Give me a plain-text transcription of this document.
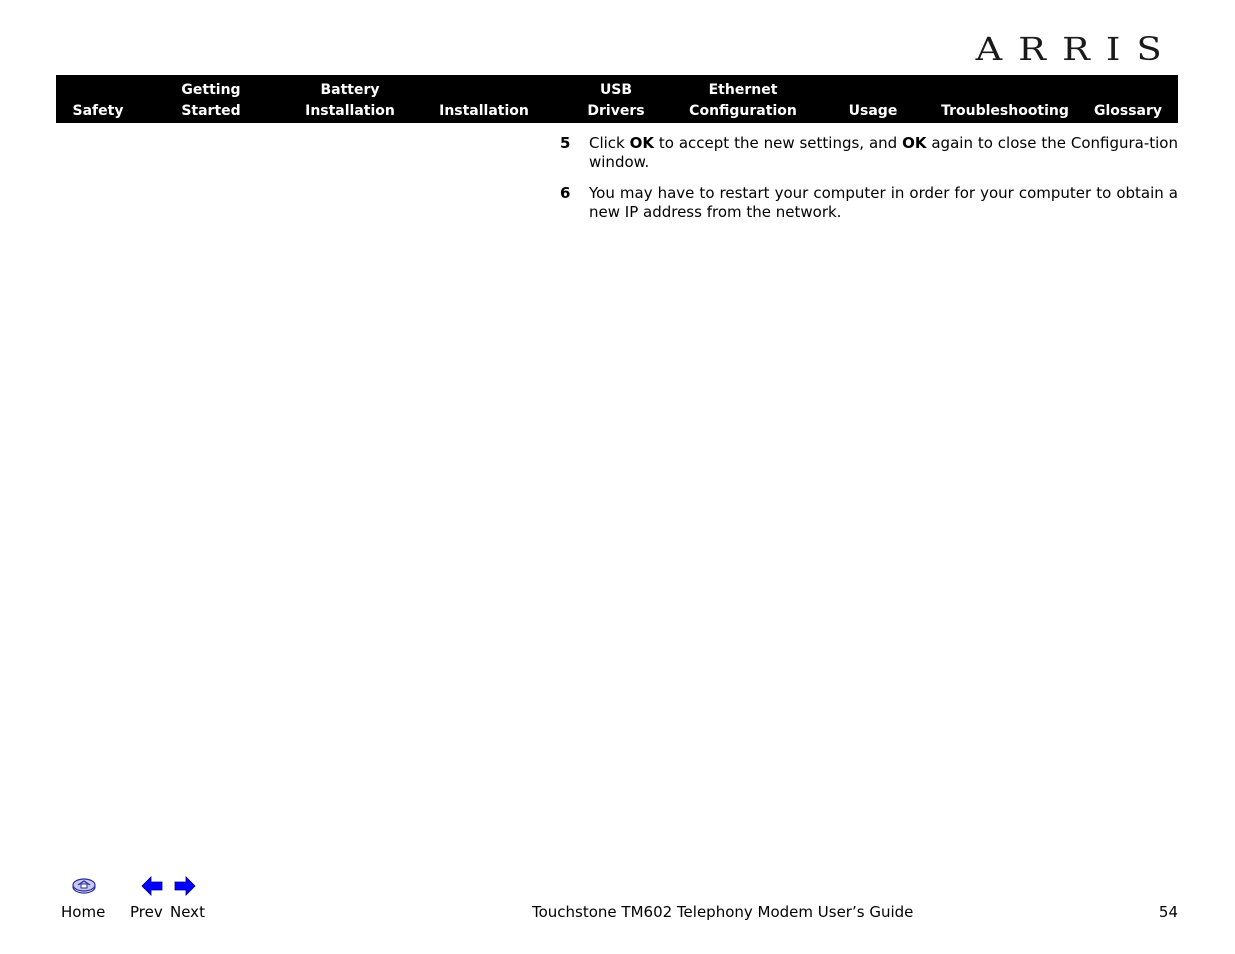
ARRIS
Safety
Getting
Started
Battery
Installation	Installation
USB
Drivers
Ethernet
Configuration	Usage	Troubleshooting	Glossary
5 Click OK to accept the new settings, and OK again to close the Configura-tion window.
6 You may have to restart your computer in order for your computer to obtain a new IP address from the network.
Home Prev Next	Touchstone TM602 Telephony Modem User’s Guide	54
